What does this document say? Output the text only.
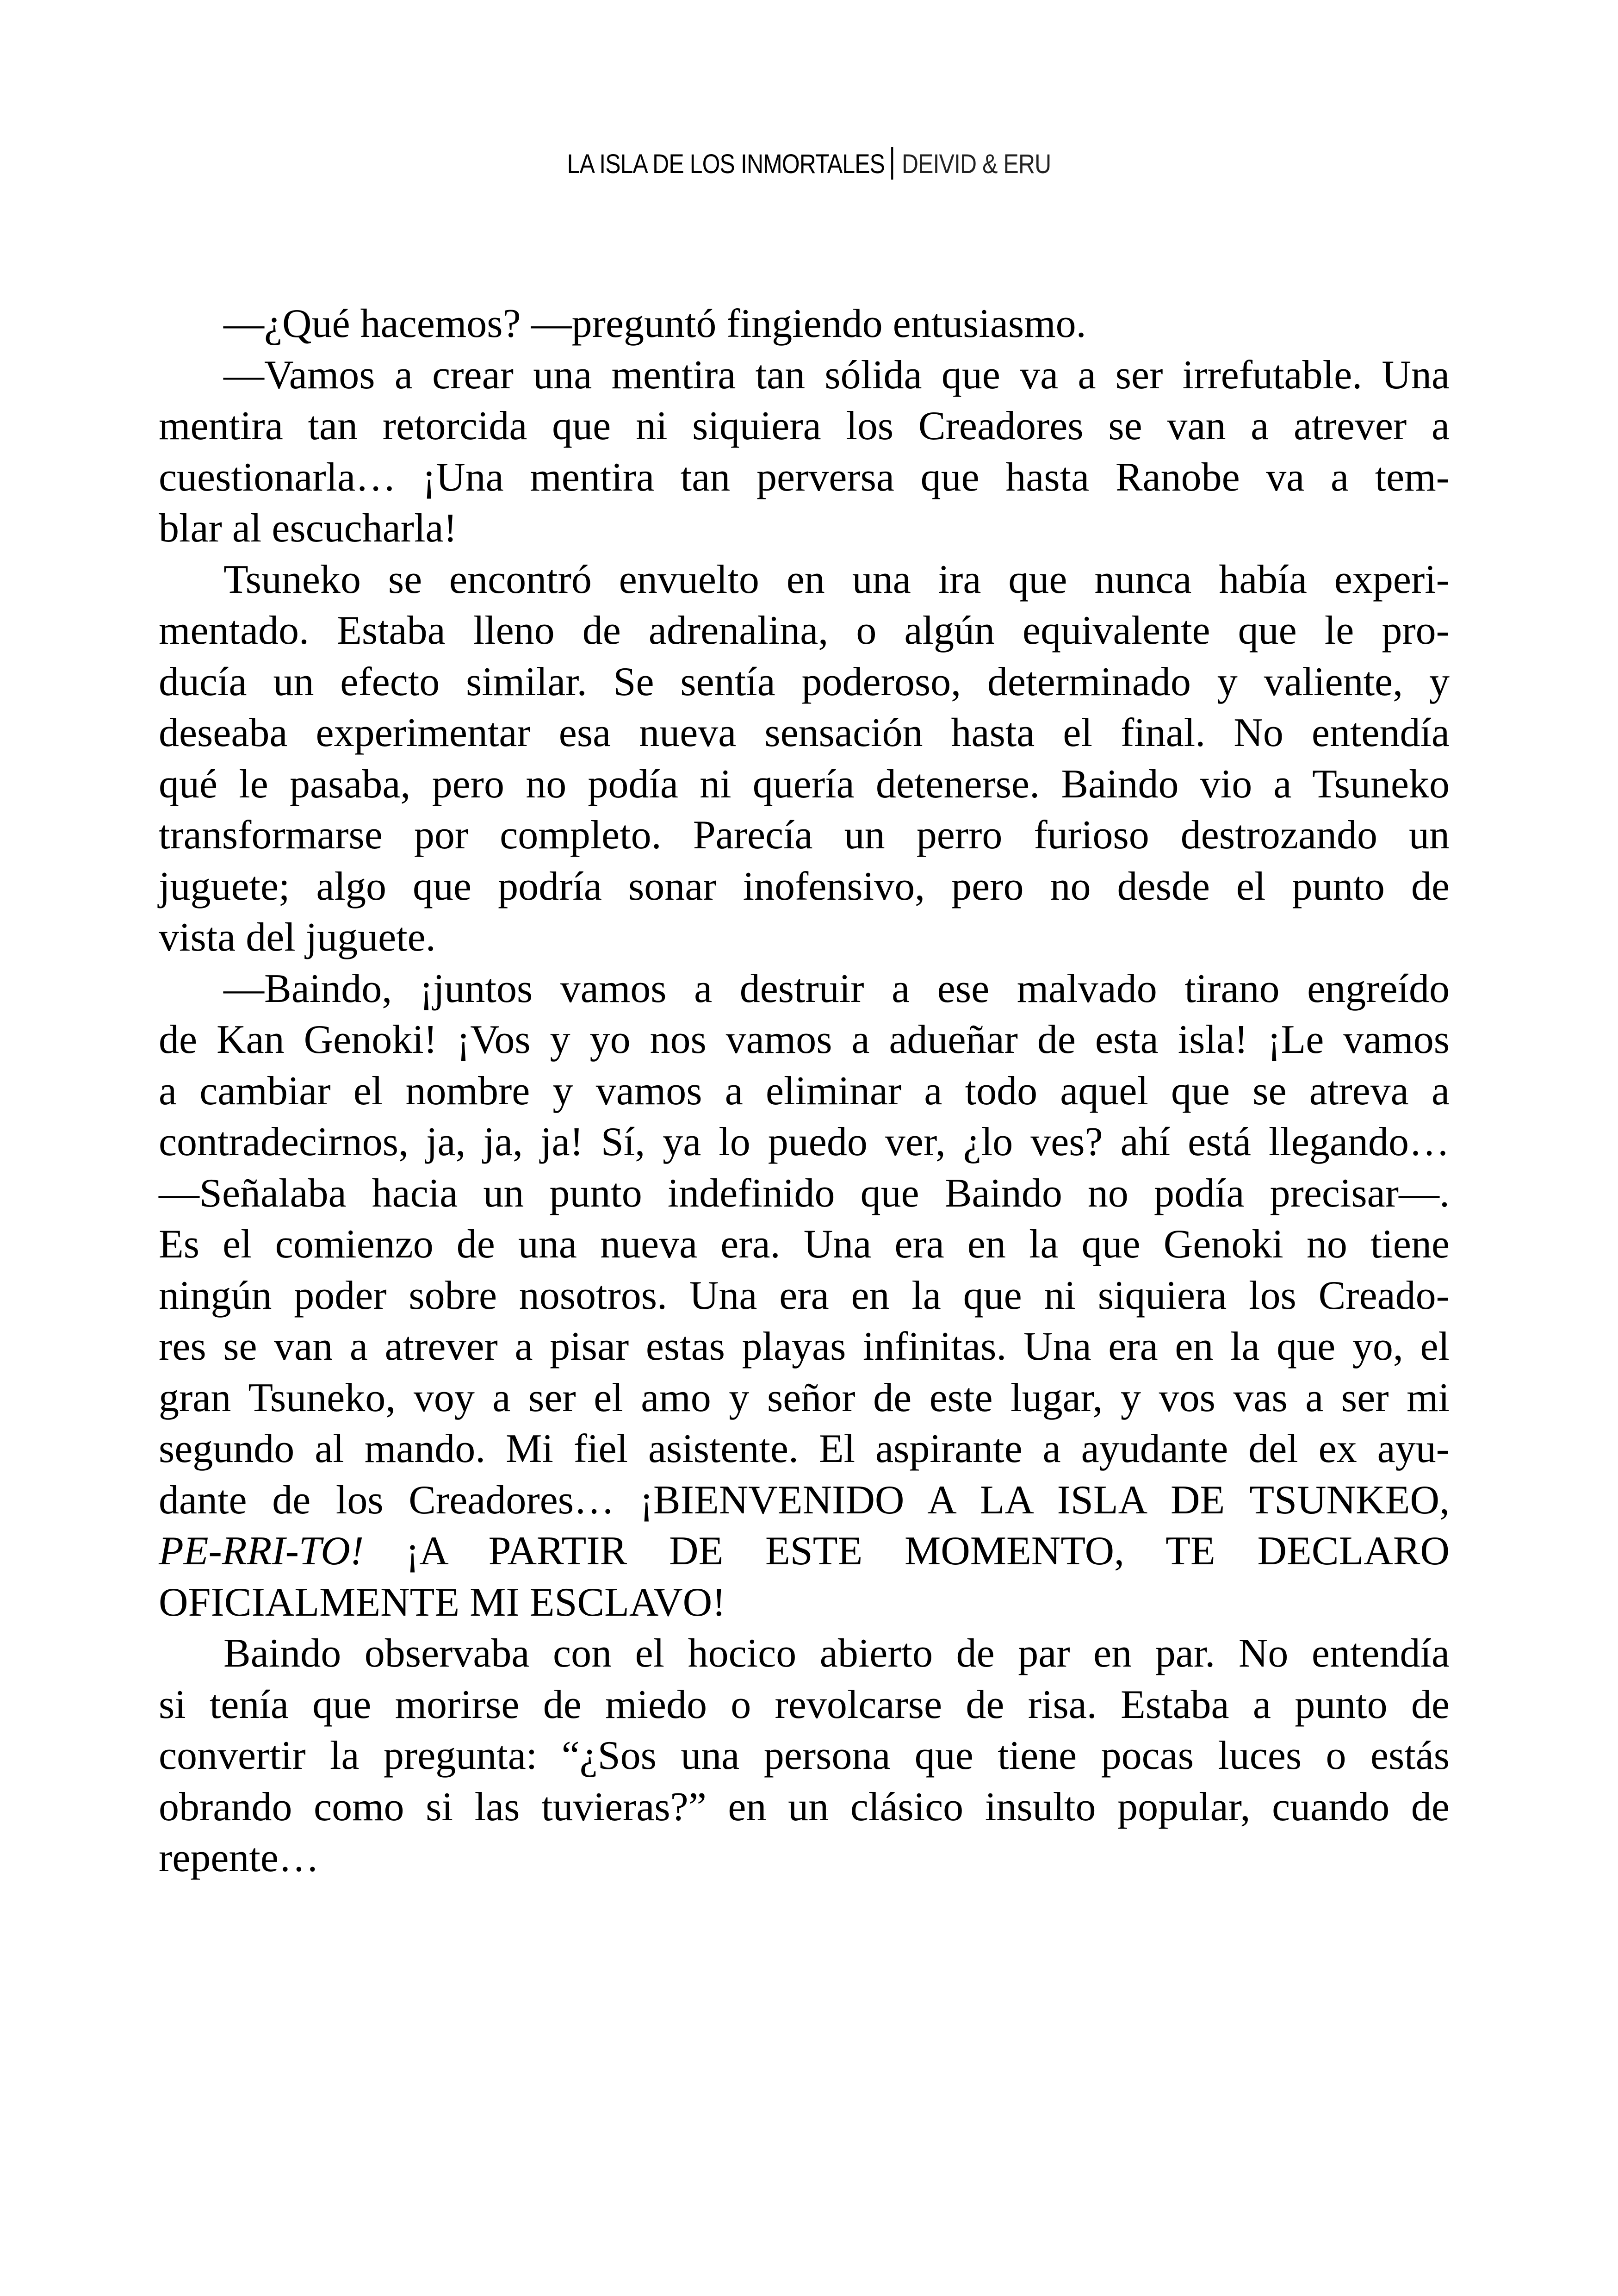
LA ISLA DE LOS INMORTALES DEIVID & ERU
—¿Qué hacemos? —preguntó fingiendo entusiasmo.
—Vamos a crear una mentira tan sólida que va a ser irrefutable. Una
mentira tan retorcida que ni siquiera los Creadores se van a atrever a
cuestionarla… ¡Una mentira tan perversa que hasta Ranobe va a tem-
blar al escucharla!
Tsuneko se encontró envuelto en una ira que nunca había experi-
mentado. Estaba lleno de adrenalina, o algún equivalente que le pro-
ducía un efecto similar. Se sentía poderoso, determinado y valiente, y
deseaba experimentar esa nueva sensación hasta el final. No entendía
qué le pasaba, pero no podía ni quería detenerse. Baindo vio a Tsuneko
transformarse por completo. Parecía un perro furioso destrozando un
juguete; algo que podría sonar inofensivo, pero no desde el punto de
vista del juguete.
—Baindo, ¡juntos vamos a destruir a ese malvado tirano engreído
de Kan Genoki! ¡Vos y yo nos vamos a adueñar de esta isla! ¡Le vamos
a cambiar el nombre y vamos a eliminar a todo aquel que se atreva a
contradecirnos, ja, ja, ja! Sí, ya lo puedo ver, ¿lo ves? ahí está llegando…
—Señalaba hacia un punto indefinido que Baindo no podía precisar—.
Es el comienzo de una nueva era. Una era en la que Genoki no tiene
ningún poder sobre nosotros. Una era en la que ni siquiera los Creado-
res se van a atrever a pisar estas playas infinitas. Una era en la que yo, el
gran Tsuneko, voy a ser el amo y señor de este lugar, y vos vas a ser mi
segundo al mando. Mi fiel asistente. El aspirante a ayudante del ex ayu-
dante de los Creadores… ¡BIENVENIDO A LA ISLA DE TSUNKEO,
PE-RRI-TO! ¡A PARTIR DE ESTE MOMENTO, TE DECLARO
OFICIALMENTE MI ESCLAVO!
Baindo observaba con el hocico abierto de par en par. No entendía
si tenía que morirse de miedo o revolcarse de risa. Estaba a punto de
convertir la pregunta: “¿Sos una persona que tiene pocas luces o estás
obrando como si las tuvieras?” en un clásico insulto popular, cuando de
repente…
